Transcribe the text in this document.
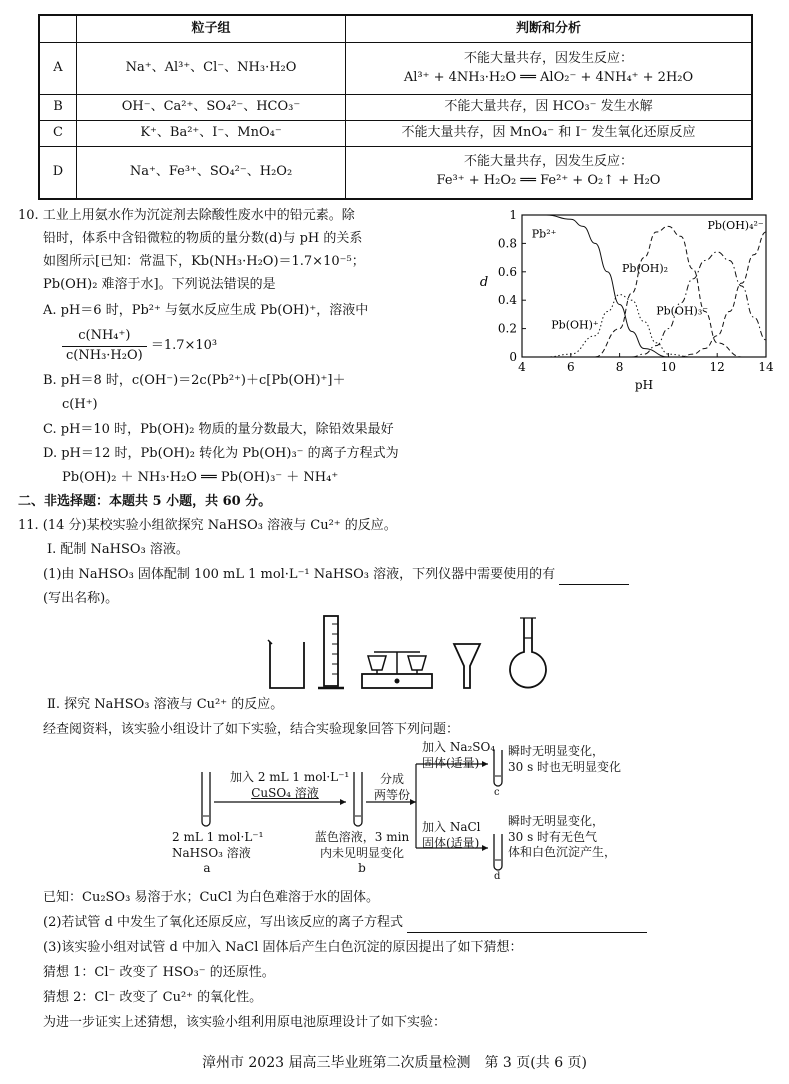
	粒子组	判断和分析
A	Na⁺、Al³⁺、Cl⁻、NH₃·H₂O	不能大量共存，因发生反应：
Al³⁺ + 4NH₃·H₂O ══ AlO₂⁻ + 4NH₄⁺ + 2H₂O

B	OH⁻、Ca²⁺、SO₄²⁻、HCO₃⁻	不能大量共存，因 HCO₃⁻ 发生水解
C	K⁺、Ba²⁺、I⁻、MnO₄⁻	不能大量共存，因 MnO₄⁻ 和 I⁻ 发生氧化还原反应
D	Na⁺、Fe³⁺、SO₄²⁻、H₂O₂	不能大量共存，因发生反应：
Fe³⁺ + H₂O₂ ══ Fe²⁺ + O₂↑ + H₂O
10. 工业上用氨水作为沉淀剂去除酸性废水中的铅元素。除
铅时，体系中含铅微粒的物质的量分数(d)与 pH 的关系
如图所示[已知：常温下，Kb(NH₃·H₂O)＝1.7×10⁻⁵；
Pb(OH)₂ 难溶于水]。下列说法错误的是
A. pH＝6 时，Pb²⁺ 与氨水反应生成 Pb(OH)⁺，溶液中
$\frac{\text{c(NH₄⁺)}}{\text{c(NH₃·H₂O)}} =1.7\times 10^3$
B. pH＝8 时，c(OH⁻)＝2c(Pb²⁺)＋c[Pb(OH)⁺]＋
c(H⁺)
C. pH＝10 时，Pb(OH)₂ 物质的量分数最大，除铅效果最好
D. pH＝12 时，Pb(OH)₂ 转化为 Pb(OH)₃⁻ 的离子方程式为
Pb(OH)₂ ＋ NH₃·H₂O ══ Pb(OH)₃⁻ ＋ NH₄⁺
4	6	8	10	12	14
0
0.2
0.4
0.6
0.8
1
pH
d
Pb²⁺
Pb(OH)⁺
Pb(OH)₂
Pb(OH)₃⁻
Pb(OH)₄²⁻
二、非选择题：本题共 5 小题，共 60 分。
11. (14 分)某校实验小组欲探究 NaHSO₃ 溶液与 Cu²⁺ 的反应。
Ⅰ. 配制 NaHSO₃ 溶液。
(1)由 NaHSO₃ 固体配制 100 mL 1 mol·L⁻¹ NaHSO₃ 溶液，下列仪器中需要使用的有
(写出名称)。
Ⅱ. 探究 NaHSO₃ 溶液与 Cu²⁺ 的反应。
经查阅资料，该实验小组设计了如下实验，结合实验现象回答下列问题：
2 mL 1 mol·L⁻¹
NaHSO₃ 溶液
a
加入 2 mL 1 mol·L⁻¹
CuSO₄ 溶液
蓝色溶液，3 min
内未见明显变化
b
分成
两等份
加入 Na₂SO₄
固体(适量)
瞬时无明显变化，
30 s 时也无明显变化
c
加入 NaCl
固体(适量)
瞬时无明显变化，
30 s 时有无色气
体和白色沉淀产生，
d
已知：Cu₂SO₃ 易溶于水；CuCl 为白色难溶于水的固体。
(2)若试管 d 中发生了氧化还原反应，写出该反应的离子方程式
(3)该实验小组对试管 d 中加入 NaCl 固体后产生白色沉淀的原因提出了如下猜想：
猜想 1：Cl⁻ 改变了 HSO₃⁻ 的还原性。
猜想 2：Cl⁻ 改变了 Cu²⁺ 的氧化性。
为进一步证实上述猜想，该实验小组利用原电池原理设计了如下实验：
漳州市 2023 届高三毕业班第二次质量检测　第 3 页(共 6 页)
